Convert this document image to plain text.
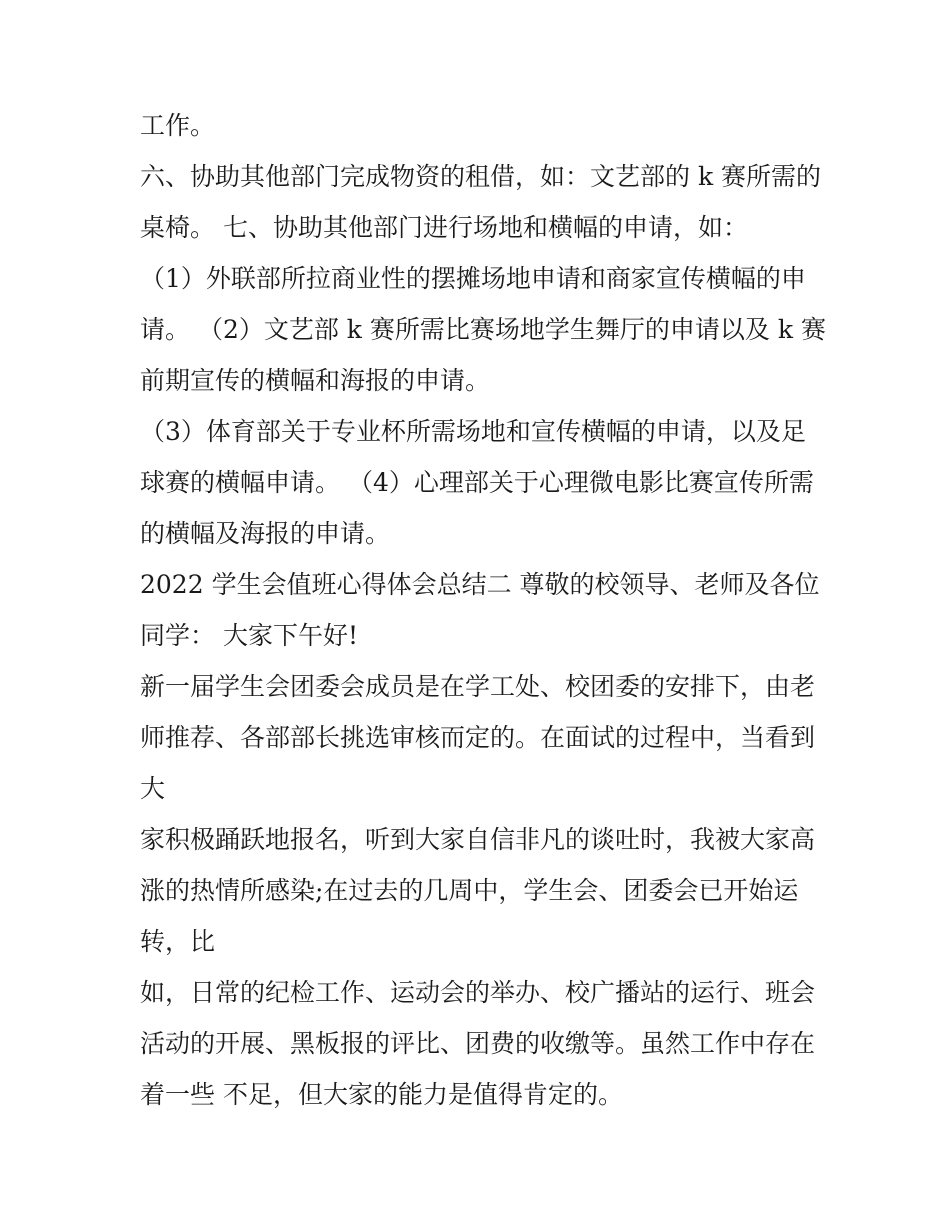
工作。
六、协助其他部门完成物资的租借，如：文艺部的 k 赛所需的
桌椅。 七、协助其他部门进行场地和横幅的申请，如：
（1）外联部所拉商业性的摆摊场地申请和商家宣传横幅的申
请。 （2）文艺部 k 赛所需比赛场地学生舞厅的申请以及 k 赛
前期宣传的横幅和海报的申请。
（3）体育部关于专业杯所需场地和宣传横幅的申请，以及足
球赛的横幅申请。 （4）心理部关于心理微电影比赛宣传所需
的横幅及海报的申请。
2022 学生会值班心得体会总结二 尊敬的校领导、老师及各位
同学： 大家下午好!
新一届学生会团委会成员是在学工处、校团委的安排下，由老
师推荐、各部部长挑选审核而定的。在面试的过程中，当看到
大
家积极踊跃地报名，听到大家自信非凡的谈吐时，我被大家高
涨的热情所感染;在过去的几周中，学生会、团委会已开始运
转，比
如，日常的纪检工作、运动会的举办、校广播站的运行、班会
活动的开展、黑板报的评比、团费的收缴等。虽然工作中存在
着一些 不足，但大家的能力是值得肯定的。
